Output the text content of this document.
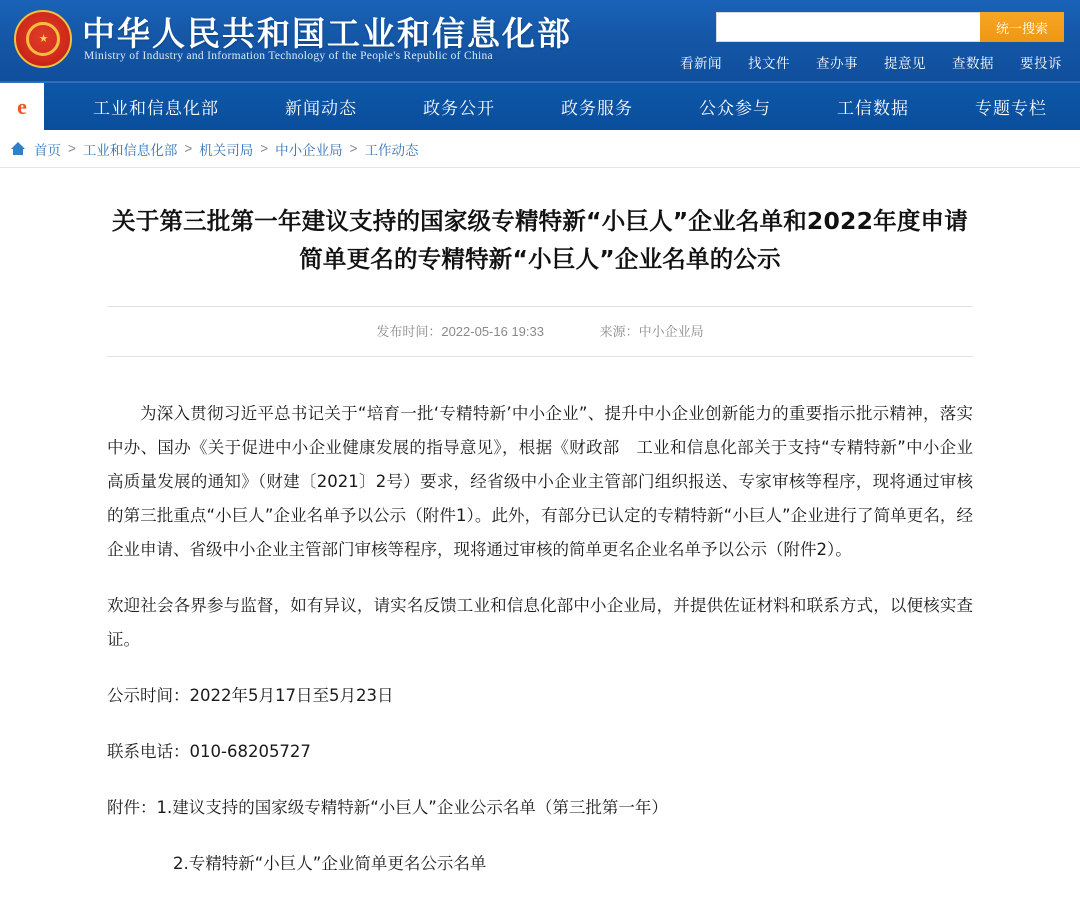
★ 中华人民共和国工业和信息化部
Ministry of Industry and Information Technology of the People's Republic of China
统一搜索
看新闻 找文件 查办事 提意见 查数据 要投诉
e	工业和信息化部	新闻动态	政务公开	政务服务	公众参与	工信数据	专题专栏
首页 > 工业和信息化部 > 机关司局 > 中小企业局 > 工作动态
关于第三批第一年建议支持的国家级专精特新“小巨人”企业名单和2022年度申请简单更名的专精特新“小巨人”企业名单的公示
发布时间：2022-05-16 19:33	来源：中小企业局

为深入贯彻习近平总书记关于“培育一批‘专精特新’中小企业”、提升中小企业创新能力的重要指示批示精神，落实中办、国办《关于促进中小企业健康发展的指导意见》，根据《财政部　工业和信息化部关于支持“专精特新”中小企业高质量发展的通知》（财建〔2021〕2号）要求，经省级中小企业主管部门组织报送、专家审核等程序，现将通过审核的第三批重点“小巨人”企业名单予以公示（附件1）。此外，有部分已认定的专精特新“小巨人”企业进行了简单更名，经企业申请、省级中小企业主管部门审核等程序，现将通过审核的简单更名企业名单予以公示（附件2）。

欢迎社会各界参与监督，如有异议，请实名反馈工业和信息化部中小企业局，并提供佐证材料和联系方式，以便核实查证。

公示时间：2022年5月17日至5月23日

联系电话：010-68205727

附件：1.建议支持的国家级专精特新“小巨人”企业公示名单（第三批第一年）

2.专精特新“小巨人”企业简单更名公示名单
